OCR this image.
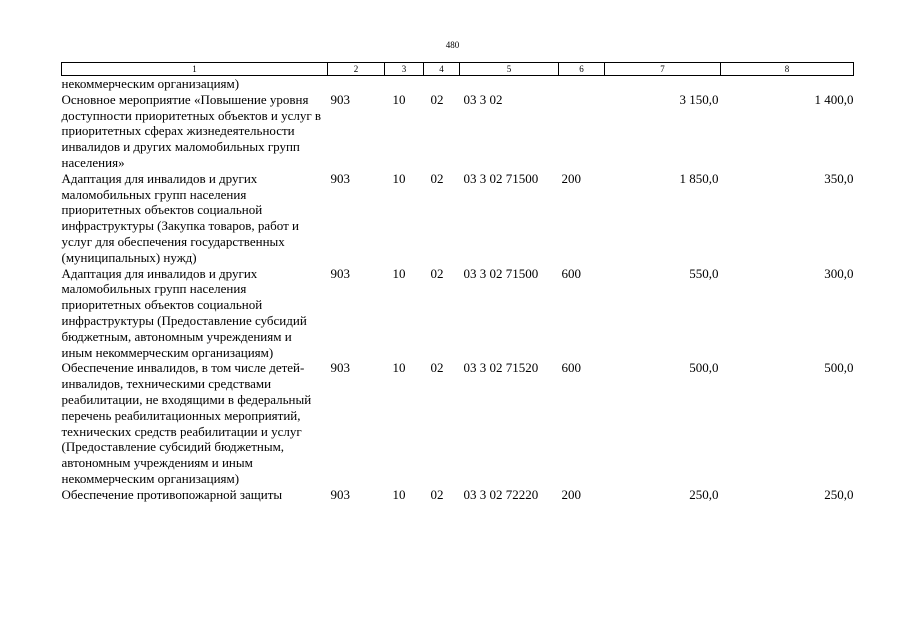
480
1	2	3	4	5	6	7	8
некоммерческим организациям)							
Основное мероприятие «Повышение уровня доступности приоритетных объектов и услуг в приоритетных сферах жизнедеятельности инвалидов и других маломобильных групп населения»	903	10	02	03 3 02		3 150,0	1 400,0
Адаптация для инвалидов и других маломобильных групп населения приоритетных объектов социальной инфраструктуры (Закупка товаров, работ и услуг для обеспечения государственных (муниципальных) нужд)	903	10	02	03 3 02 71500	200	1 850,0	350,0
Адаптация для инвалидов и других маломобильных групп населения приоритетных объектов социальной инфраструктуры (Предоставление субсидий бюджетным, автономным учреждениям и иным некоммерческим организациям)	903	10	02	03 3 02 71500	600	550,0	300,0
Обеспечение инвалидов, в том числе детей-инвалидов, техническими средствами реабилитации, не входящими в федеральный перечень реабилитационных мероприятий, технических средств реабилитации и услуг (Предоставление субсидий бюджетным, автономным учреждениям и иным некоммерческим организациям)	903	10	02	03 3 02 71520	600	500,0	500,0
Обеспечение противопожарной защиты	903	10	02	03 3 02 72220	200	250,0	250,0
